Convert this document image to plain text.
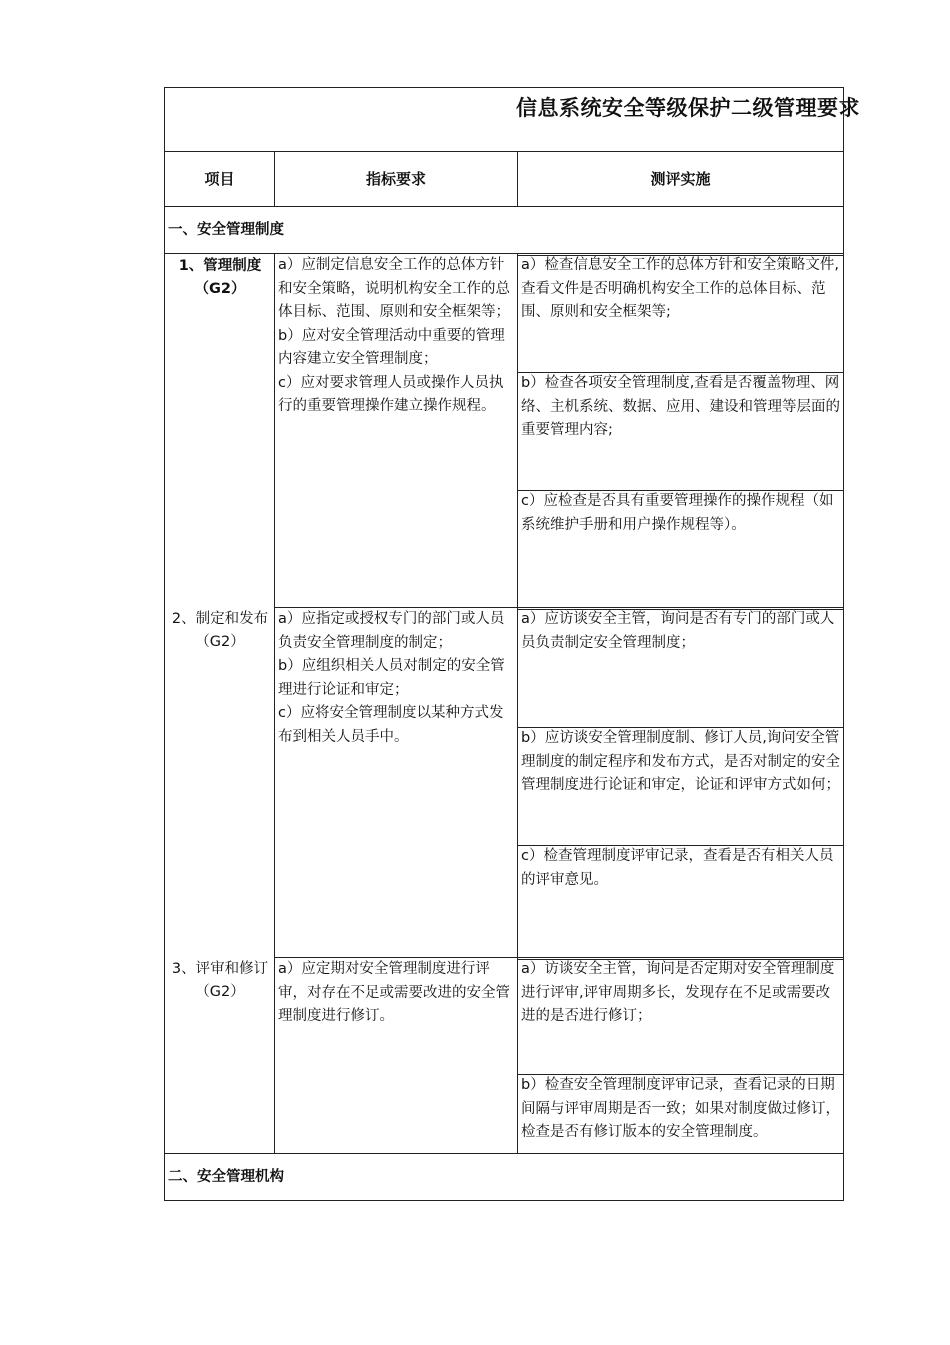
信息系统安全等级保护二级管理要求
项目	指标要求	测评实施
一、安全管理制度
1、管理制度（G2）
a）应制定信息安全工作的总体方针和安全策略，说明机构安全工作的总体目标、范围、原则和安全框架等；
b）应对安全管理活动中重要的管理内容建立安全管理制度；
c）应对要求管理人员或操作人员执行的重要管理操作建立操作规程。
a）检查信息安全工作的总体方针和安全策略文件,查看文件是否明确机构安全工作的总体目标、范围、原则和安全框架等;
b）检查各项安全管理制度,查看是否覆盖物理、网络、主机系统、数据、应用、建设和管理等层面的重要管理内容;
c）应检查是否具有重要管理操作的操作规程（如系统维护手册和用户操作规程等）。
2、制定和发布（G2）
a）应指定或授权专门的部门或人员负责安全管理制度的制定；
b）应组织相关人员对制定的安全管理进行论证和审定；
c）应将安全管理制度以某种方式发布到相关人员手中。
a）应访谈安全主管，询问是否有专门的部门或人员负责制定安全管理制度；
b）应访谈安全管理制度制、修订人员,询问安全管理制度的制定程序和发布方式，是否对制定的安全管理制度进行论证和审定，论证和评审方式如何；
c）检查管理制度评审记录，查看是否有相关人员的评审意见。
3、评审和修订（G2）
a）应定期对安全管理制度进行评审，对存在不足或需要改进的安全管理制度进行修订。
a）访谈安全主管，询问是否定期对安全管理制度进行评审,评审周期多长，发现存在不足或需要改进的是否进行修订；
b）检查安全管理制度评审记录，查看记录的日期间隔与评审周期是否一致；如果对制度做过修订，检查是否有修订版本的安全管理制度。
二、安全管理机构
